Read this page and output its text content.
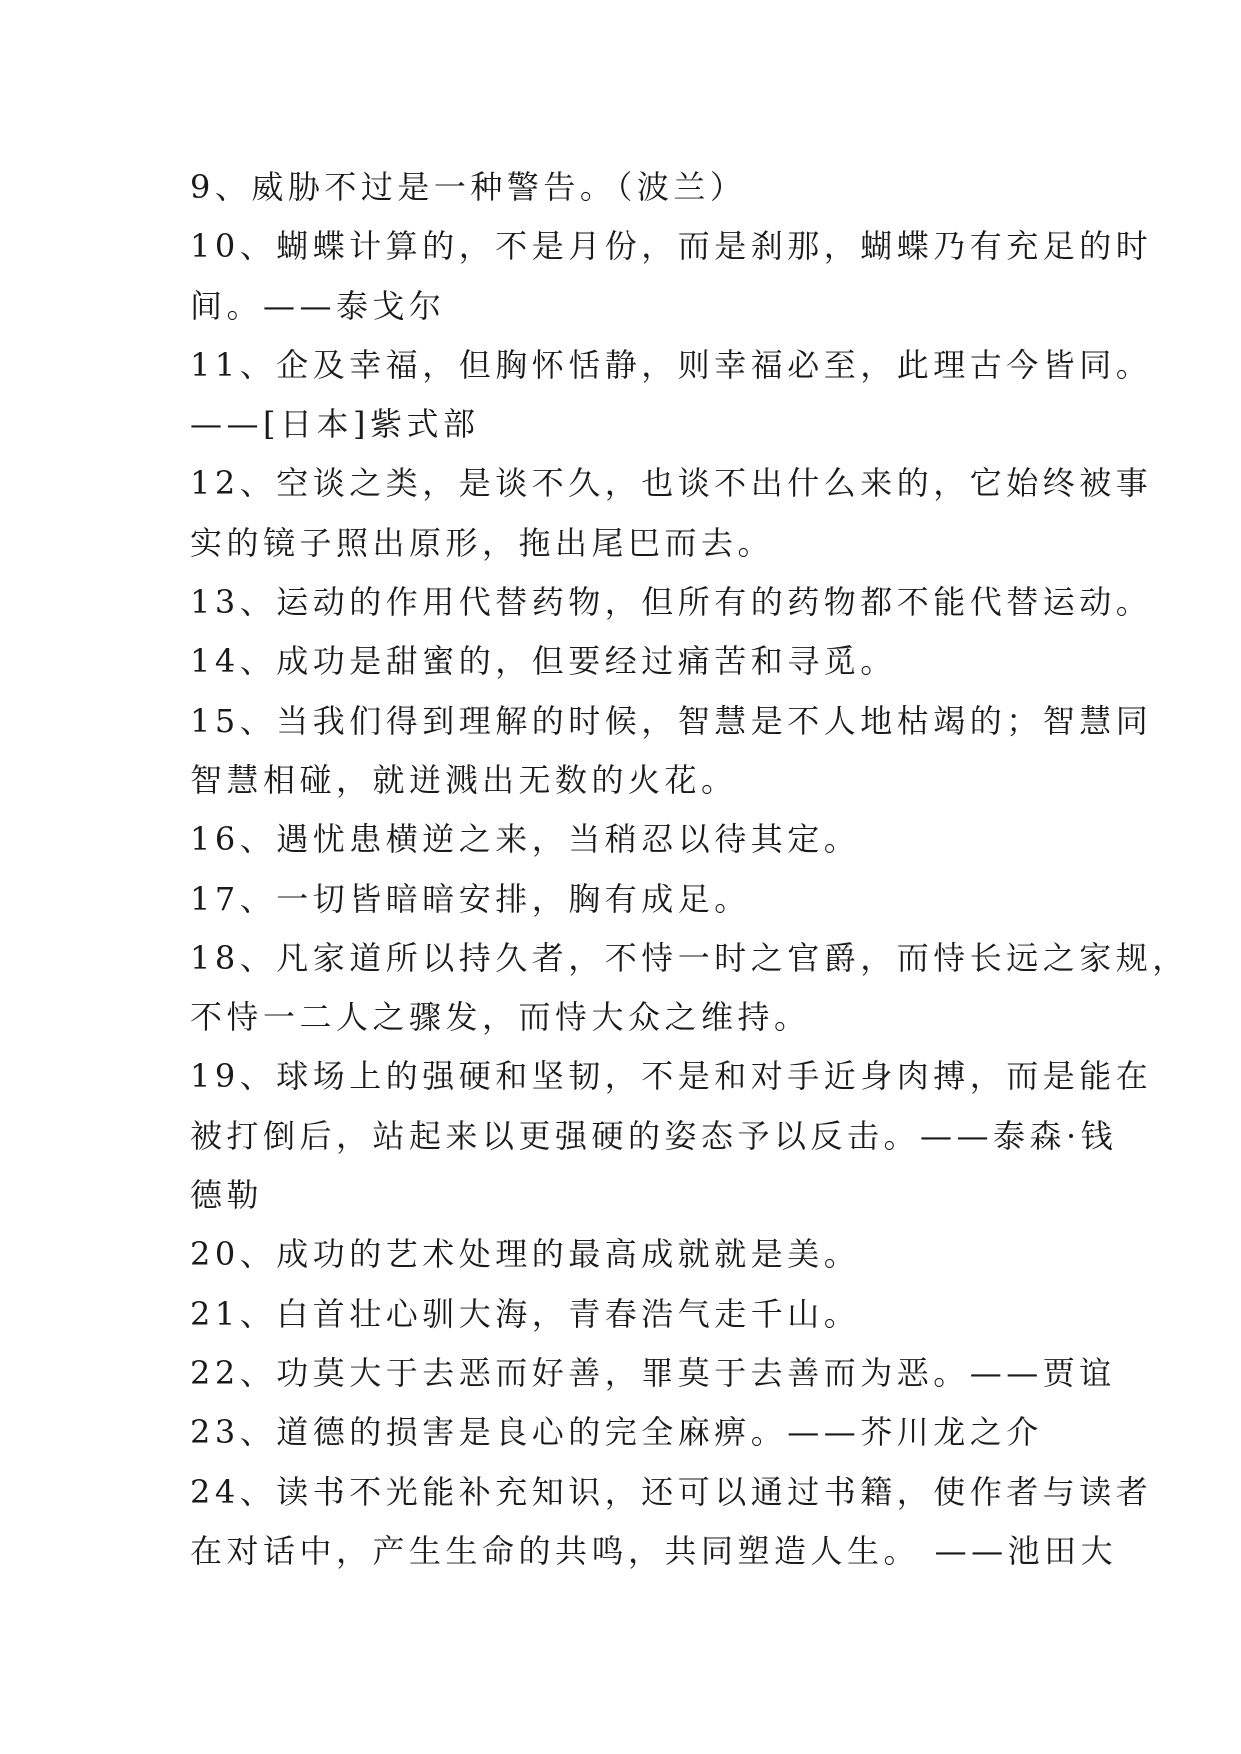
9、威胁不过是一种警告。（波兰）
10、蝴蝶计算的，不是月份，而是刹那，蝴蝶乃有充足的时
间。——泰戈尔
11、企及幸福，但胸怀恬静，则幸福必至，此理古今皆同。
——[日本]紫式部
12、空谈之类，是谈不久，也谈不出什么来的，它始终被事
实的镜子照出原形，拖出尾巴而去。
13、运动的作用代替药物，但所有的药物都不能代替运动。
14、成功是甜蜜的，但要经过痛苦和寻觅。
15、当我们得到理解的时候，智慧是不人地枯竭的；智慧同
智慧相碰，就迸溅出无数的火花。
16、遇忧患横逆之来，当稍忍以待其定。
17、一切皆暗暗安排，胸有成足。
18、凡家道所以持久者，不恃一时之官爵，而恃长远之家规，
不恃一二人之骤发，而恃大众之维持。
19、球场上的强硬和坚韧，不是和对手近身肉搏，而是能在
被打倒后，站起来以更强硬的姿态予以反击。——泰森·钱
德勒
20、成功的艺术处理的最高成就就是美。
21、白首壮心驯大海，青春浩气走千山。
22、功莫大于去恶而好善，罪莫于去善而为恶。——贾谊
23、道德的损害是良心的完全麻痹。——芥川龙之介
24、读书不光能补充知识，还可以通过书籍，使作者与读者
在对话中，产生生命的共鸣，共同塑造人生。 ——池田大
